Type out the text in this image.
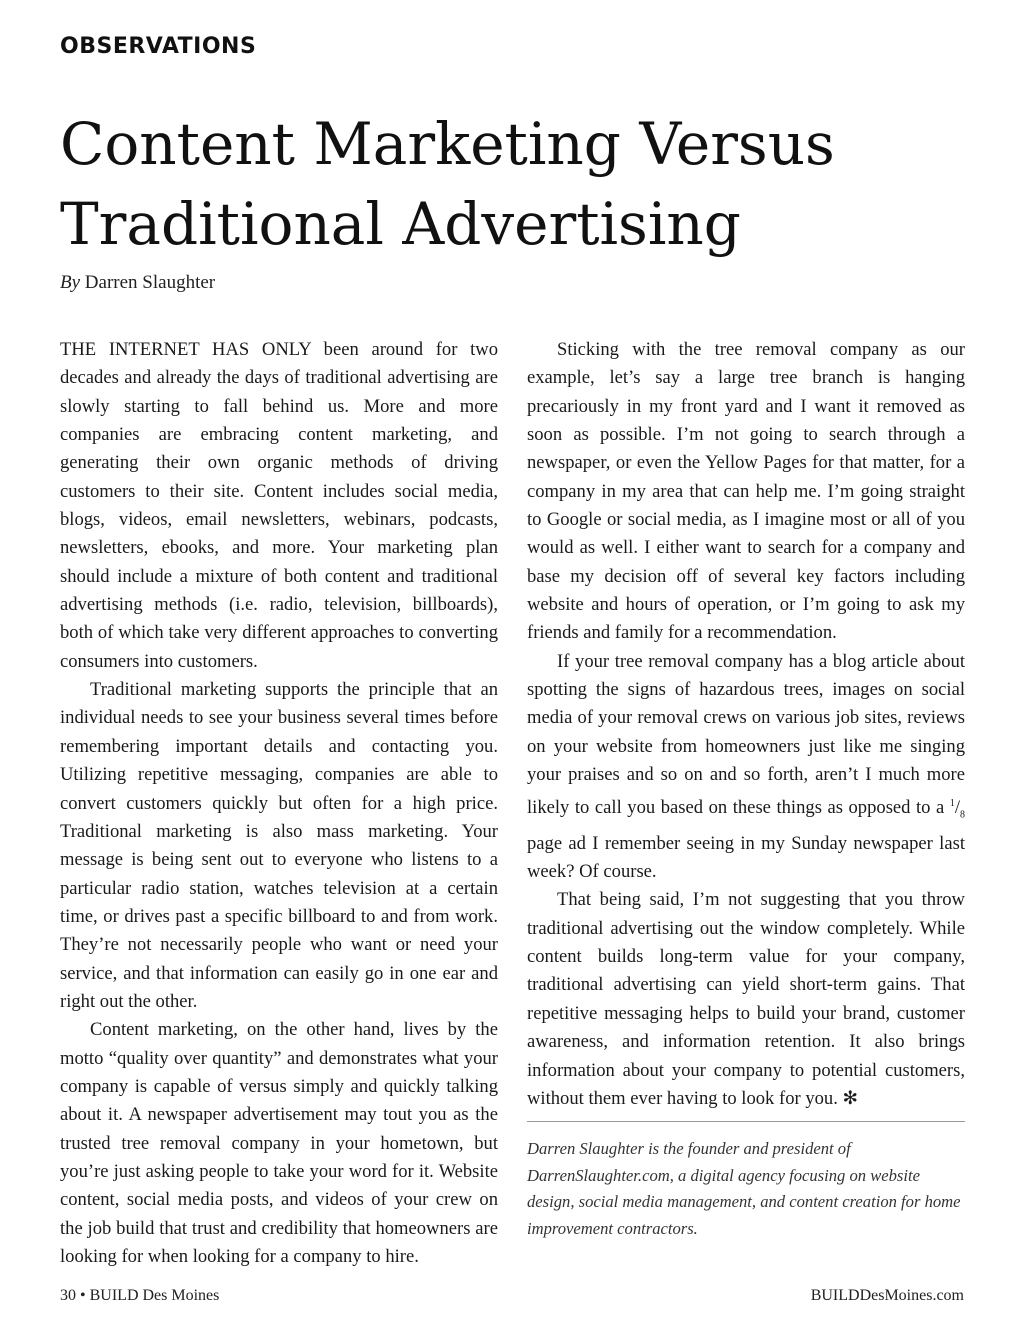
OBSERVATIONS
Content Marketing Versus
Traditional Advertising
By Darren Slaughter

THE INTERNET HAS ONLY been around for two decades and already the days of traditional advertising are slowly starting to fall behind us. More and more companies are embracing content marketing, and generating their own organic methods of driving customers to their site. Content includes social media, blogs, videos, email newsletters, webinars, podcasts, newsletters, ebooks, and more. Your marketing plan should include a mixture of both content and traditional advertising methods (i.e. radio, television, billboards), both of which take very different approaches to converting consumers into customers.

Traditional marketing supports the principle that an individual needs to see your business several times before remembering important details and contacting you. Utilizing repetitive messaging, companies are able to convert customers quickly but often for a high price. Traditional marketing is also mass marketing. Your message is being sent out to everyone who listens to a particular radio station, watches television at a certain time, or drives past a specific billboard to and from work. They’re not necessarily people who want or need your service, and that information can easily go in one ear and right out the other.

Content marketing, on the other hand, lives by the motto “quality over quantity” and demonstrates what your company is capable of versus simply and quickly talking about it. A newspaper advertisement may tout you as the trusted tree removal company in your hometown, but you’re just asking people to take your word for it. Website content, social media posts, and videos of your crew on the job build that trust and credibility that homeowners are looking for when looking for a company to hire.

Sticking with the tree removal company as our example, let’s say a large tree branch is hanging precariously in my front yard and I want it removed as soon as possible. I’m not going to search through a newspaper, or even the Yellow Pages for that matter, for a company in my area that can help me. I’m going straight to Google or social media, as I imagine most or all of you would as well. I either want to search for a company and base my decision off of several key factors including website and hours of operation, or I’m going to ask my friends and family for a recommendation.

If your tree removal company has a blog article about spotting the signs of hazardous trees, images on social media of your removal crews on various job sites, reviews on your website from homeowners just like me singing your praises and so on and so forth, aren’t I much more likely to call you based on these things as opposed to a $^1/_8$ page ad I remember seeing in my Sunday newspaper last week? Of course.

That being said, I’m not suggesting that you throw traditional advertising out the window completely. While content builds long-term value for your company, traditional advertising can yield short-term gains. That repetitive messaging helps to build your brand, customer awareness, and information retention. It also brings information about your company to potential customers, without them ever having to look for you. ✻

Darren Slaughter is the founder and president of DarrenSlaughter.com, a digital agency focusing on website design, social media management, and content creation for home improvement contractors.
30 • BUILD Des Moines	BUILDDesMoines.com
